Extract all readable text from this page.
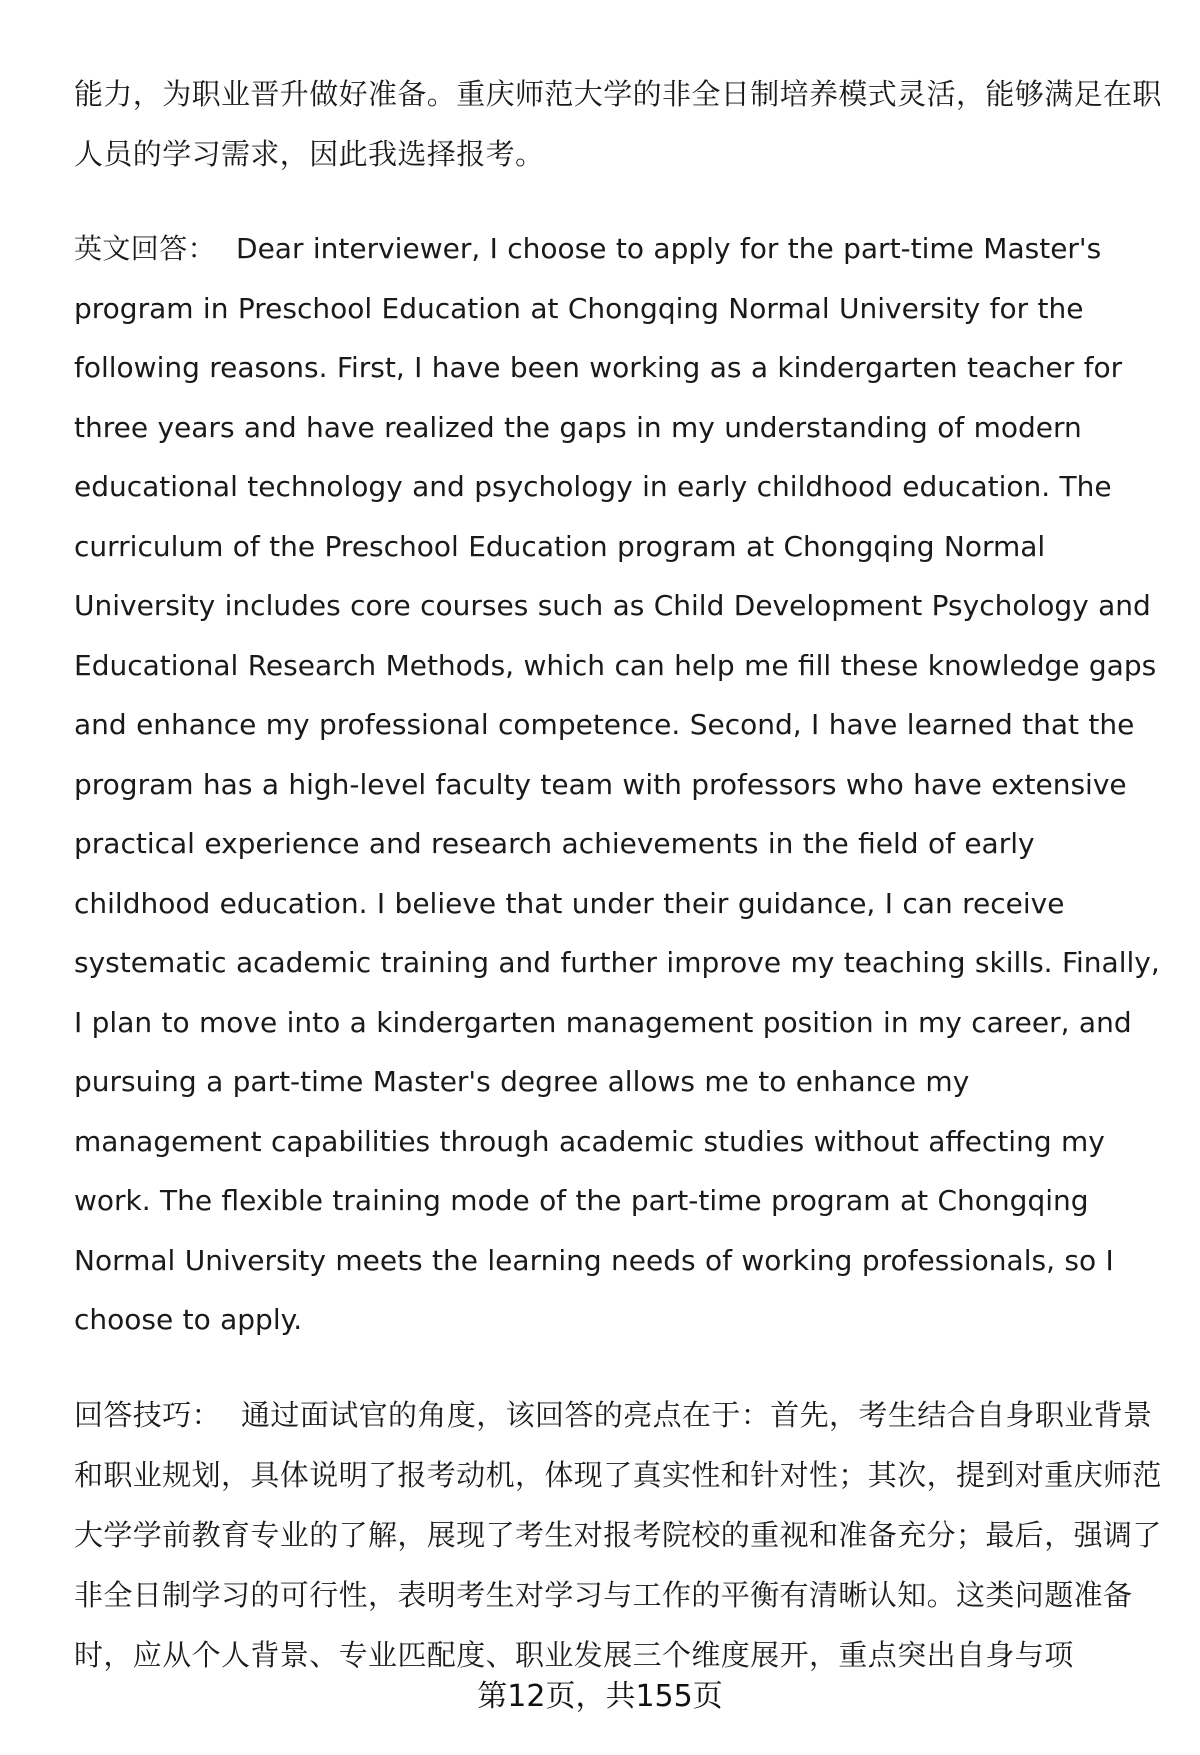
能力，为职业晋升做好准备。重庆师范大学的非全日制培养模式灵活，能够满足在职人员的学习需求，因此我选择报考。

英文回答： Dear interviewer, I choose to apply for the part-time Master's program in Preschool Education at Chongqing Normal University for the following reasons. First, I have been working as a kindergarten teacher for three years and have realized the gaps in my understanding of modern educational technology and psychology in early childhood education. The curriculum of the Preschool Education program at Chongqing Normal University includes core courses such as Child Development Psychology and Educational Research Methods, which can help me fill these knowledge gaps and enhance my professional competence. Second, I have learned that the program has a high-level faculty team with professors who have extensive practical experience and research achievements in the field of early childhood education. I believe that under their guidance, I can receive systematic academic training and further improve my teaching skills. Finally, I plan to move into a kindergarten management position in my career, and pursuing a part-time Master's degree allows me to enhance my management capabilities through academic studies without affecting my work. The flexible training mode of the part-time program at Chongqing Normal University meets the learning needs of working professionals, so I choose to apply.

回答技巧： 通过面试官的角度，该回答的亮点在于：首先，考生结合自身职业背景和职业规划，具体说明了报考动机，体现了真实性和针对性；其次，提到对重庆师范大学学前教育专业的了解，展现了考生对报考院校的重视和准备充分；最后，强调了非全日制学习的可行性，表明考生对学习与工作的平衡有清晰认知。这类问题准备时，应从个人背景、专业匹配度、职业发展三个维度展开，重点突出自身与项

第12页，共155页
